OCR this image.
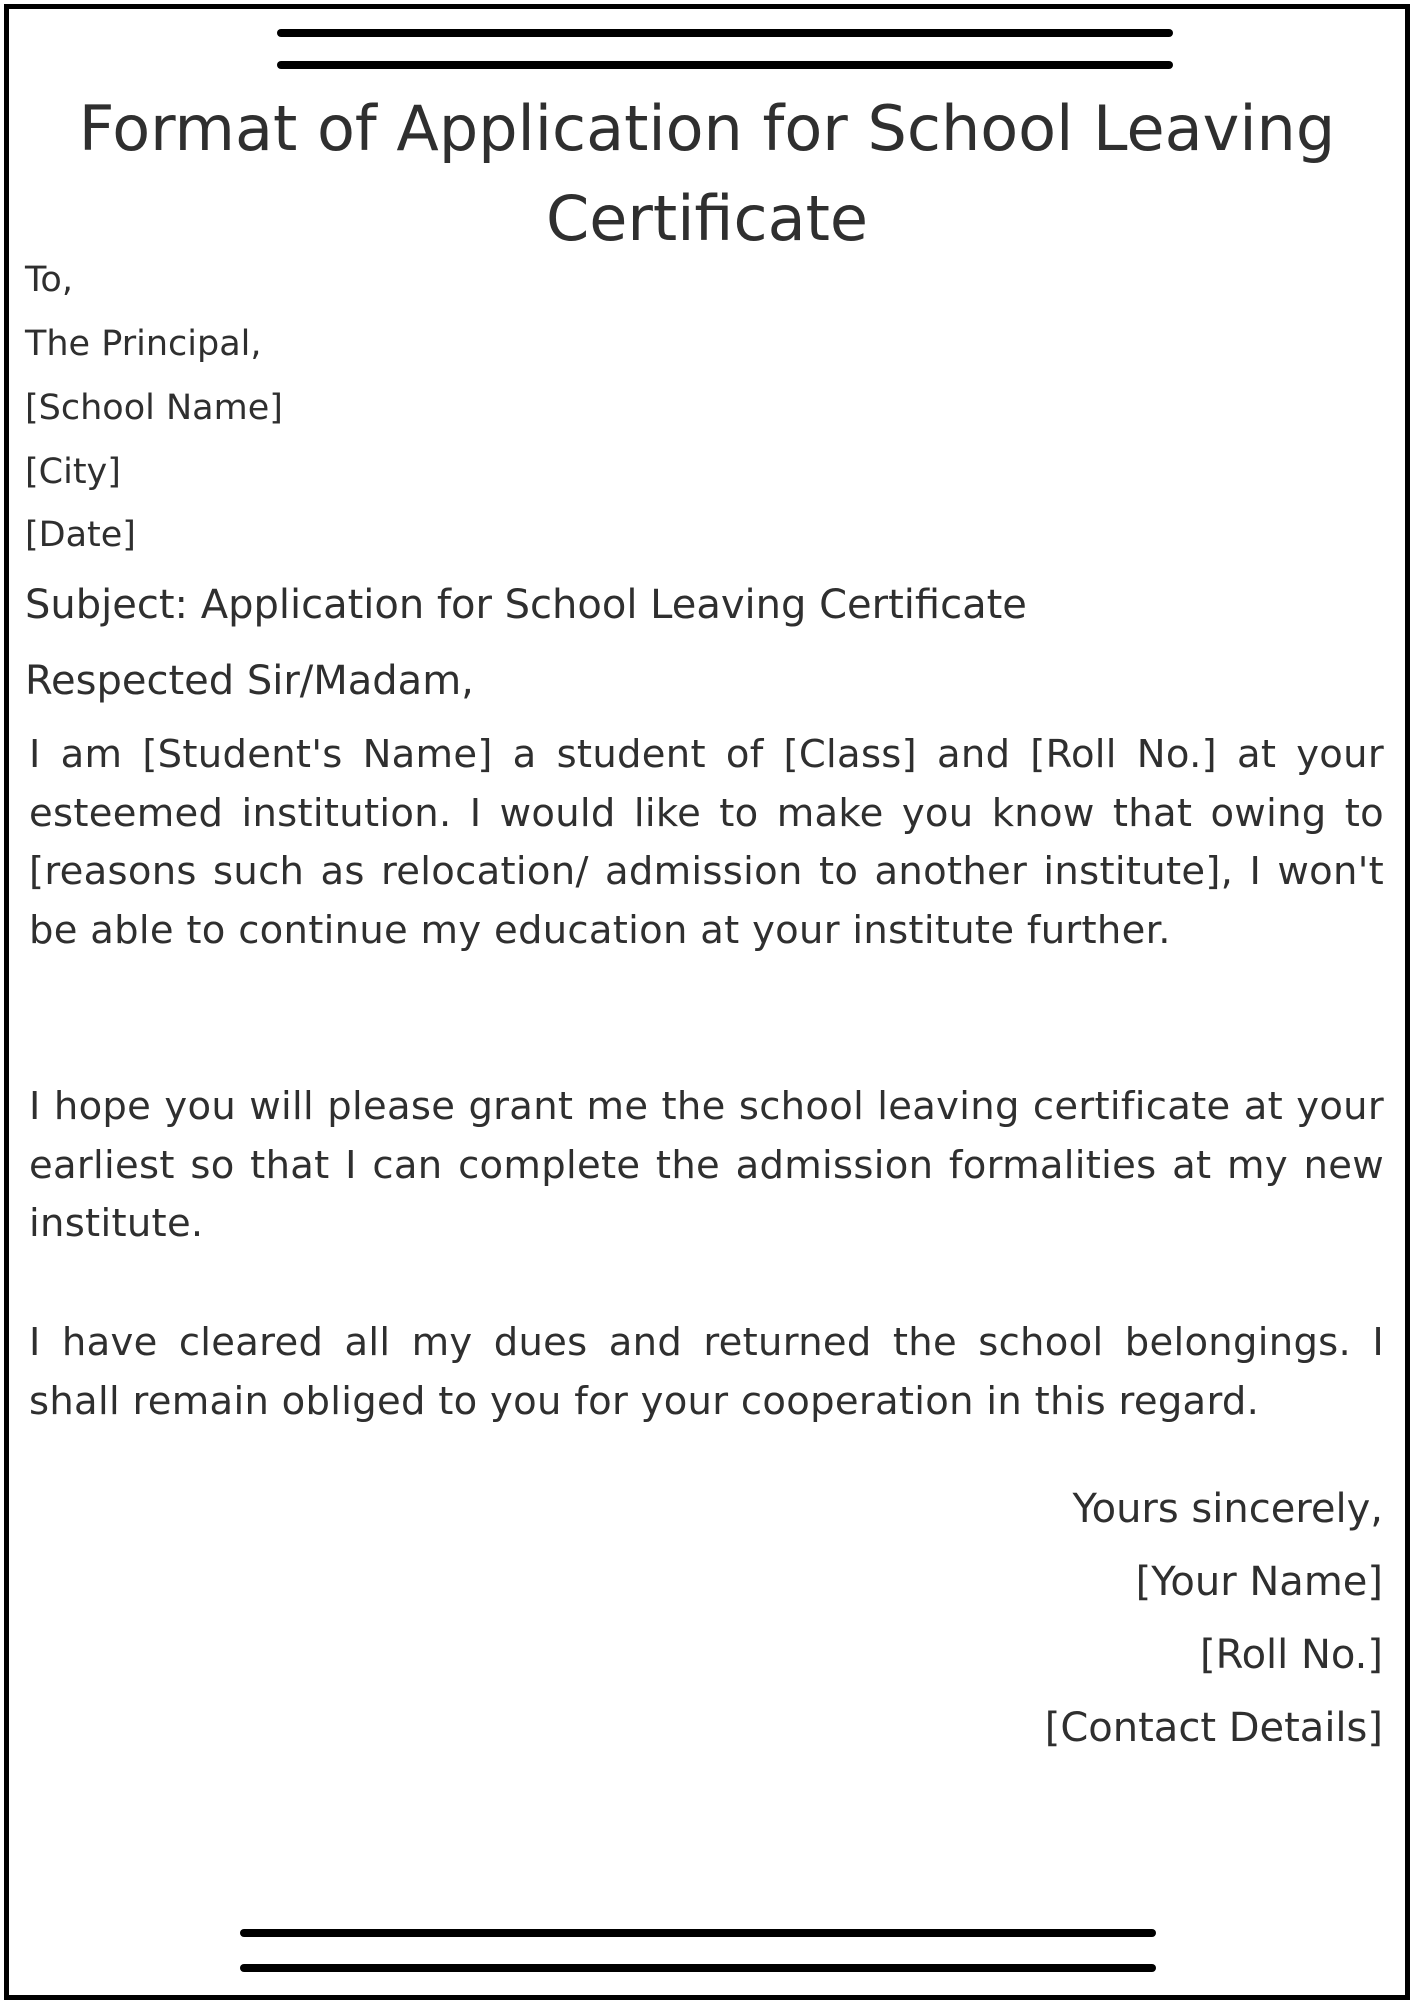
Format of Application for School Leaving Certificate

To,

The Principal,

[School Name]

[City]

[Date]

Subject: Application for School Leaving Certificate

Respected Sir/Madam,

I am [Student's Name] a student of [Class] and [Roll No.] at your esteemed institution. I would like to make you know that owing to [reasons such as relocation/ admission to another institute], I won't be able to continue my education at your institute further.

I hope you will please grant me the school leaving certificate at your earliest so that I can complete the admission formalities at my new institute.

I have cleared all my dues and returned the school belongings. I shall remain obliged to you for your cooperation in this regard.

Yours sincerely,

[Your Name]

[Roll No.]

[Contact Details]
